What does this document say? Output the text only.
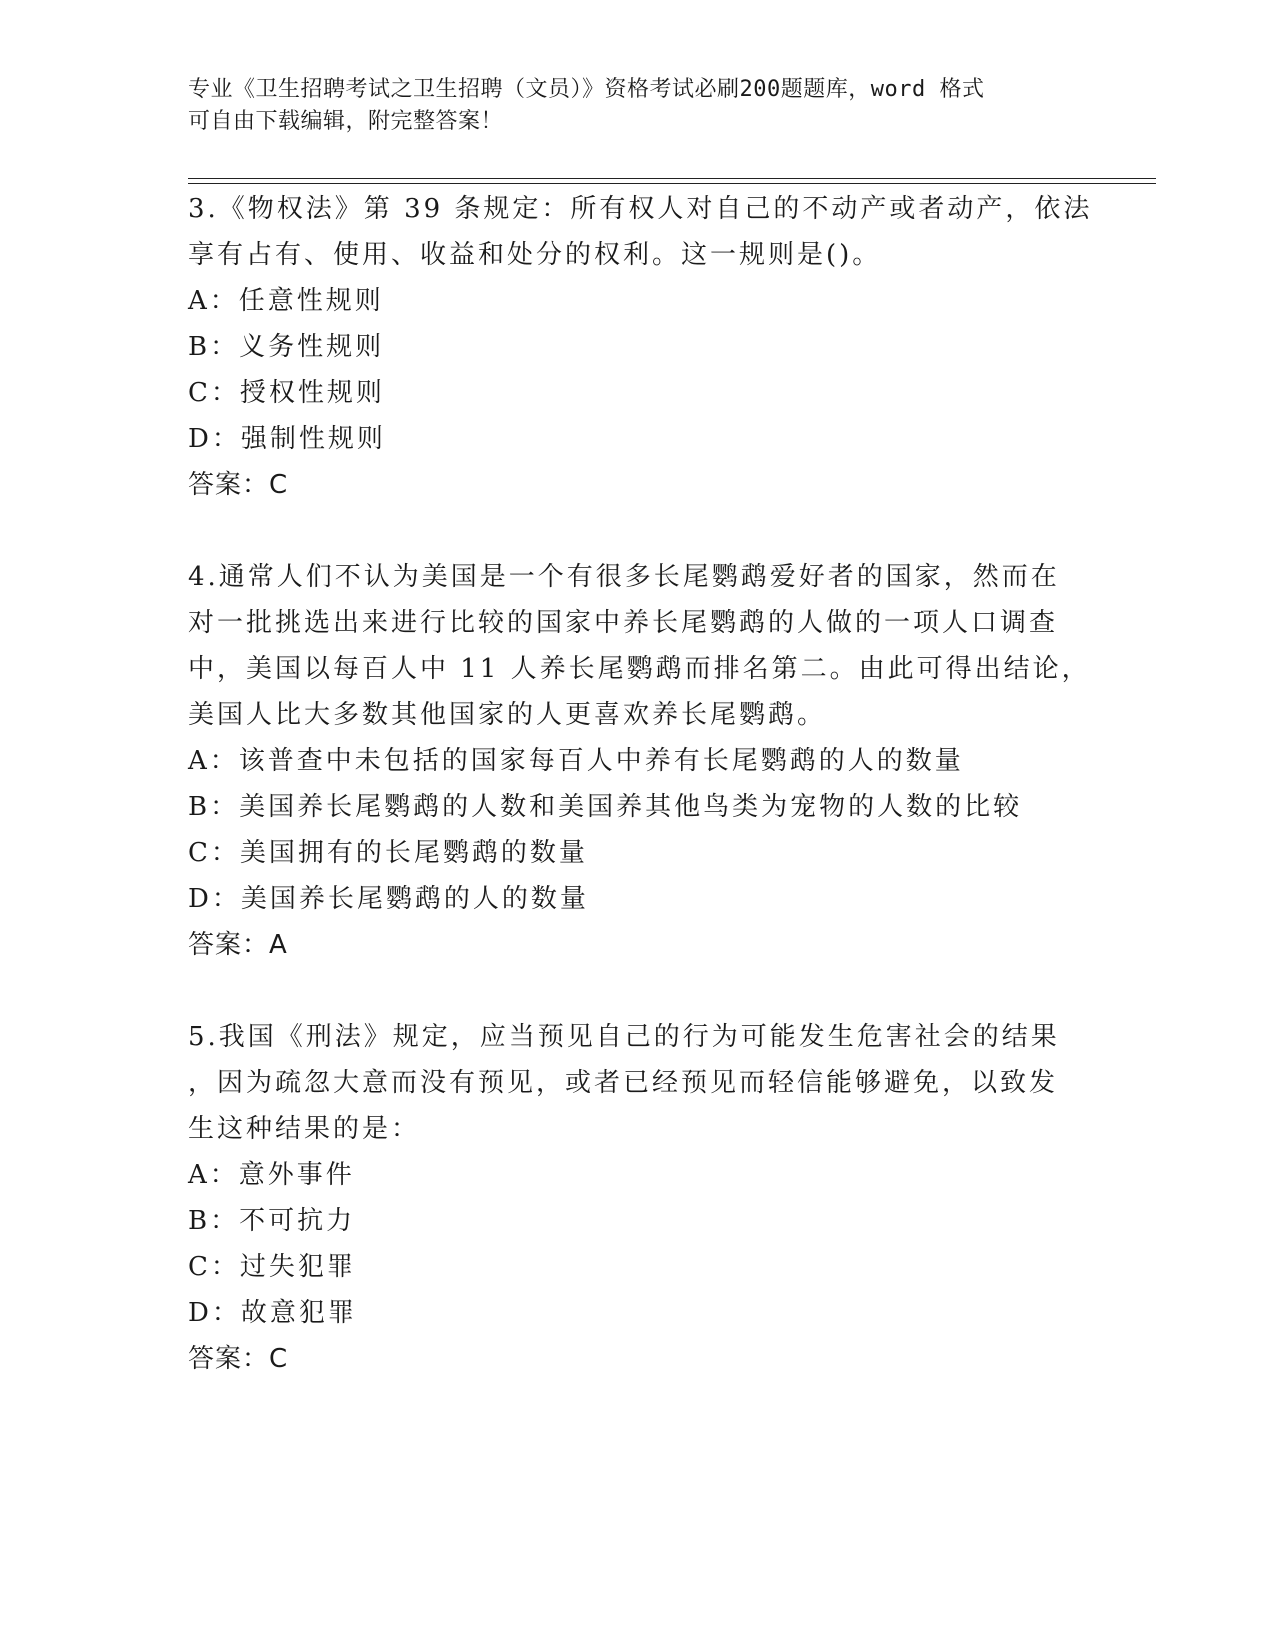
专业《卫生招聘考试之卫生招聘（文员）》资格考试必刷200题题库，word 格式
可自由下载编辑，附完整答案！
3.《物权法》第 39 条规定：所有权人对自己的不动产或者动产，依法
享有占有、使用、收益和处分的权利。这一规则是()。
A：任意性规则
B：义务性规则
C：授权性规则
D：强制性规则
答案：C
4.通常人们不认为美国是一个有很多长尾鹦鹉爱好者的国家，然而在
对一批挑选出来进行比较的国家中养长尾鹦鹉的人做的一项人口调查
中，美国以每百人中 11 人养长尾鹦鹉而排名第二。由此可得出结论，
美国人比大多数其他国家的人更喜欢养长尾鹦鹉。
A：该普查中未包括的国家每百人中养有长尾鹦鹉的人的数量
B：美国养长尾鹦鹉的人数和美国养其他鸟类为宠物的人数的比较
C：美国拥有的长尾鹦鹉的数量
D：美国养长尾鹦鹉的人的数量
答案：A
5.我国《刑法》规定，应当预见自己的行为可能发生危害社会的结果
，因为疏忽大意而没有预见，或者已经预见而轻信能够避免，以致发
生这种结果的是：
A：意外事件
B：不可抗力
C：过失犯罪
D：故意犯罪
答案：C
